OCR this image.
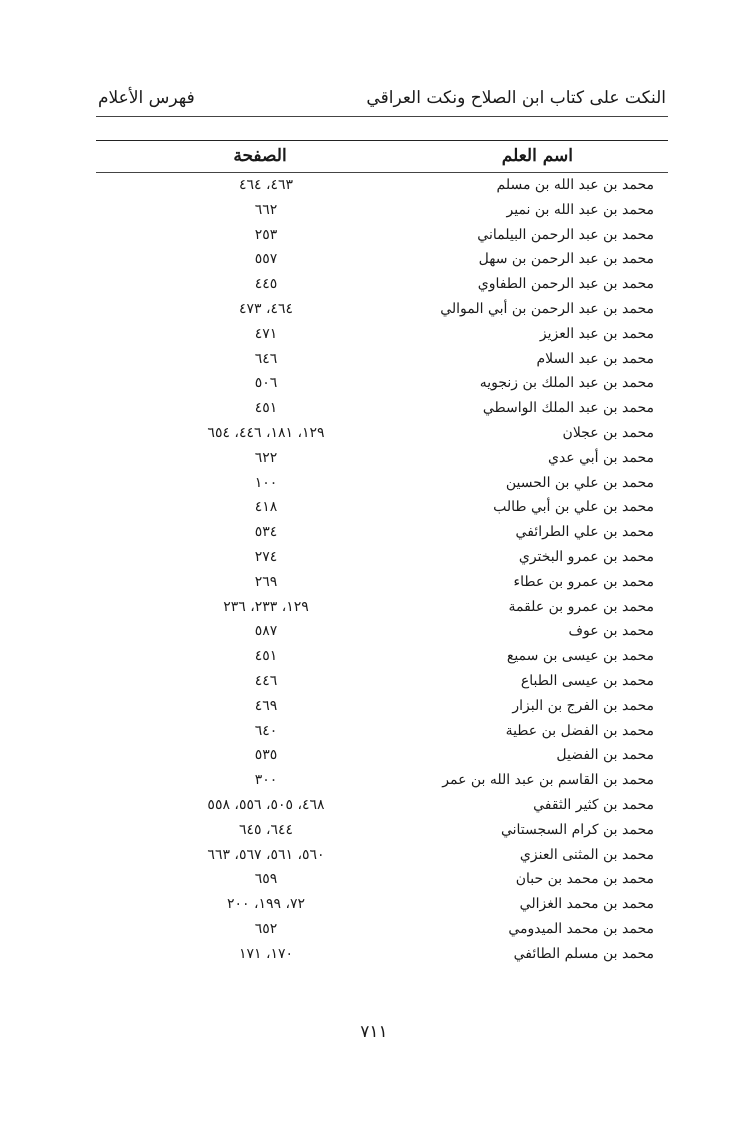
النكت على كتاب ابن الصلاح ونكت العراقي
فهرس الأعلام
اسم العلم
الصفحة
محمد بن عبد الله بن مسلم
٤٦٣، ٤٦٤
محمد بن عبد الله بن نمير
٦٦٢
محمد بن عبد الرحمن البيلماني
٢٥٣
محمد بن عبد الرحمن بن سهل
٥٥٧
محمد بن عبد الرحمن الطفاوي
٤٤٥
محمد بن عبد الرحمن بن أبي الموالي
٤٦٤، ٤٧٣
محمد بن عبد العزيز
٤٧١
محمد بن عبد السلام
٦٤٦
محمد بن عبد الملك بن زنجويه
٥٠٦
محمد بن عبد الملك الواسطي
٤٥١
محمد بن عجلان
١٢٩، ١٨١، ٤٤٦، ٦٥٤
محمد بن أبي عدي
٦٢٢
محمد بن علي بن الحسين
١٠٠
محمد بن علي بن أبي طالب
٤١٨
محمد بن علي الطرائفي
٥٣٤
محمد بن عمرو البختري
٢٧٤
محمد بن عمرو بن عطاء
٢٦٩
محمد بن عمرو بن علقمة
١٢٩، ٢٣٣، ٢٣٦
محمد بن عوف
٥٨٧
محمد بن عيسى بن سميع
٤٥١
محمد بن عيسى الطباع
٤٤٦
محمد بن الفرج بن البزار
٤٦٩
محمد بن الفضل بن عطية
٦٤٠
محمد بن الفضيل
٥٣٥
محمد بن القاسم بن عبد الله بن عمر
٣٠٠
محمد بن كثير الثقفي
٤٦٨، ٥٠٥، ٥٥٦، ٥٥٨
محمد بن كرام السجستاني
٦٤٤، ٦٤٥
محمد بن المثنى العنزي
٥٦٠، ٥٦١، ٥٦٧، ٦٦٣
محمد بن محمد بن حبان
٦٥٩
محمد بن محمد الغزالي
٧٢، ١٩٩، ٢٠٠
محمد بن محمد الميدومي
٦٥٢
محمد بن مسلم الطائفي
١٧٠، ١٧١
٧١١
